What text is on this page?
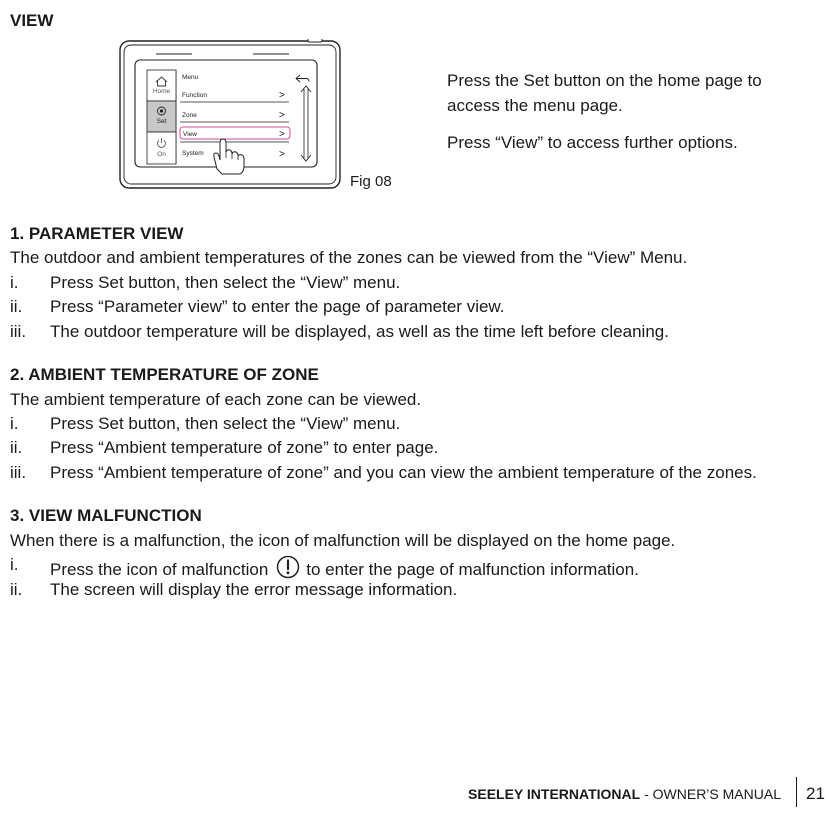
VIEW
Home
Set
On
Menu
Function	>
Zone	>
View	>
System	>
Fig 08
Press the Set button on the home page to access the menu page.
Press “View” to access further options.
1. PARAMETER VIEW
The outdoor and ambient temperatures of the zones can be viewed from the “View” Menu.
i. Press Set button, then select the “View” menu.
ii. Press “Parameter view” to enter the page of parameter view.
iii. The outdoor temperature will be displayed, as well as the time left before cleaning.
2. AMBIENT TEMPERATURE OF ZONE
The ambient temperature of each zone can be viewed.
i. Press Set button, then select the “View” menu.
ii. Press “Ambient temperature of zone” to enter page.
iii. Press “Ambient temperature of zone” and you can view the ambient temperature of the zones.
3. VIEW MALFUNCTION
When there is a malfunction, the icon of malfunction will be displayed on the home page.
i. Press the icon of malfunction to enter the page of malfunction information.
ii. The screen will display the error message information.
SEELEY INTERNATIONAL - OWNER’S MANUAL 21
